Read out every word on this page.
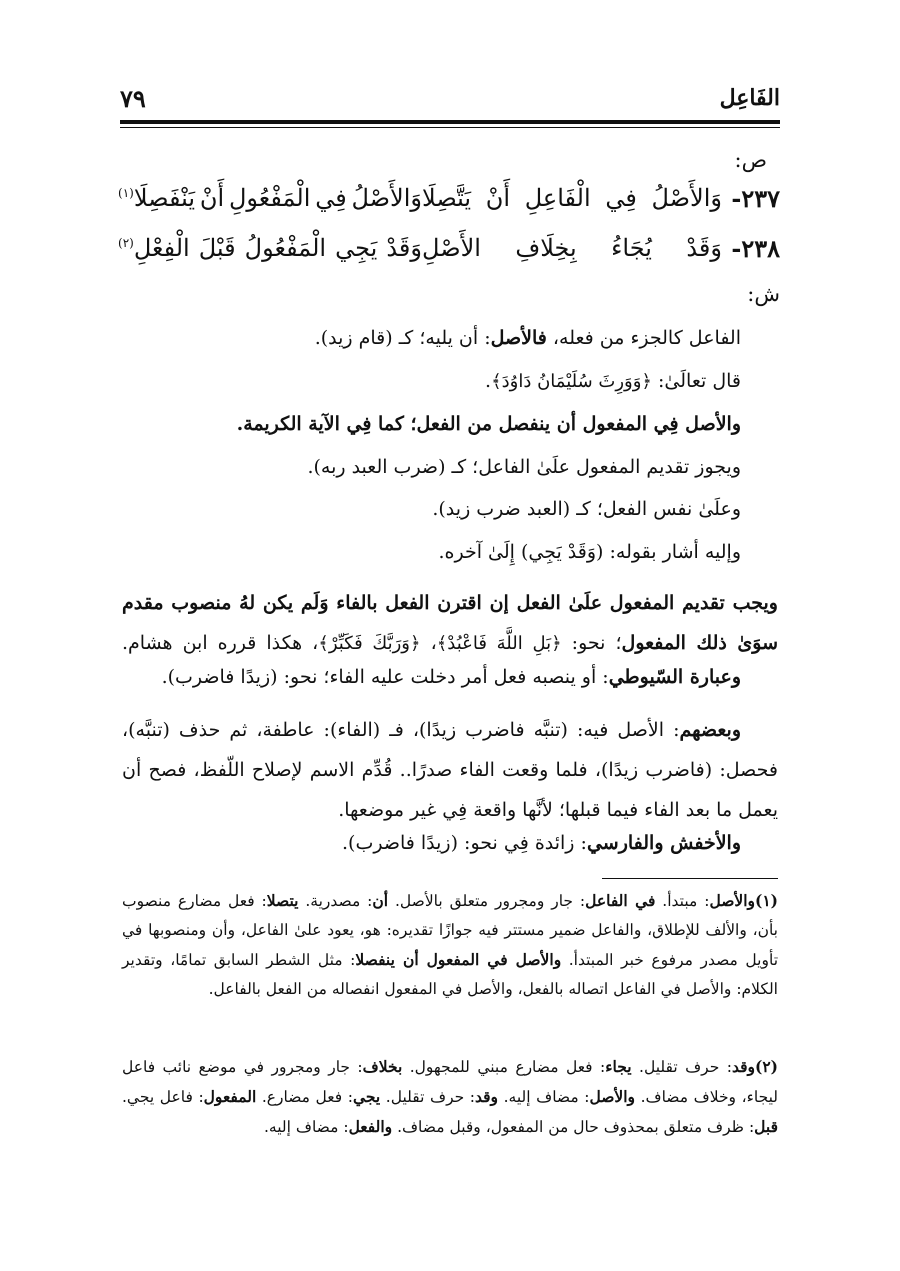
الفَاعِل
٧٩
ص:
٢٣٧-
وَالأَصْلُ
فِي
الْفَاعِلِ
أَنْ
يَتَّصِلَا
وَالأَصْلُ
فِي
الْمَفْعُولِ
أَنْ
يَنْفَصِلَا$^{(١)}$
٢٣٨-
وَقَدْ
يُجَاءُ
بِخِلَافِ
الأَصْلِ
وَقَدْ
يَجِي
الْمَفْعُولُ
قَبْلَ
الْفِعْلِ$^{(٢)}$
ش:
الفاعل كالجزء من فعله، فالأصل: أن يليه؛ كـ (قام زيد).
قال تعالَىٰ: ﴿وَوَرِثَ سُلَيْمَانُ دَاوُدَ﴾.
والأصل فِي المفعول أن ينفصل من الفعل؛ كما فِي الآية الكريمة.
ويجوز تقديم المفعول علَىٰ الفاعل؛ كـ (ضرب العبد ربه).
وعلَىٰ نفس الفعل؛ كـ (العبد ضرب زيد).
وإليه أشار بقوله: (وَقَدْ يَجِي) إِلَىٰ آخره.
ويجب تقديم المفعول علَىٰ الفعل إن اقترن الفعل بالفاء وَلَم يكن لهُ منصوب مقدم سوَىٰ ذلك المفعول؛ نحو: ﴿بَلِ اللَّهَ فَاعْبُدْ﴾، ﴿وَرَبَّكَ فَكَبِّرْ﴾، هكذا قرره ابن هشام.
وعبارة السّيوطي: أو ينصبه فعل أمر دخلت عليه الفاء؛ نحو: (زيدًا فاضرب).
وبعضهم: الأصل فيه: (تنبَّه فاضرب زيدًا)، فـ (الفاء): عاطفة، ثم حذف (تنبَّه)، فحصل: (فاضرب زيدًا)، فلما وقعت الفاء صدرًا.. قُدِّم الاسم لإصلاح اللّفظ، فصح أن يعمل ما بعد الفاء فيما قبلها؛ لأنَّها واقعة فِي غير موضعها.
والأخفش والفارسي: زائدة فِي نحو: (زيدًا فاضرب).
(١)والأصل: مبتدأ. في الفاعل: جار ومجرور متعلق بالأصل. أن: مصدرية. يتصلا: فعل مضارع منصوب بأن، والألف للإطلاق، والفاعل ضمير مستتر فيه جوازًا تقديره: هو، يعود علىٰ الفاعل، وأن ومنصوبها في تأويل مصدر مرفوع خبر المبتدأ. والأصل في المفعول أن ينفصلا: مثل الشطر السابق تمامًا، وتقدير الكلام: والأصل في الفاعل اتصاله بالفعل، والأصل في المفعول انفصاله من الفعل بالفاعل.
(٢)وقد: حرف تقليل. يجاء: فعل مضارع مبني للمجهول. بخلاف: جار ومجرور في موضع نائب فاعل ليجاء، وخلاف مضاف. والأصل: مضاف إليه. وقد: حرف تقليل. يجي: فعل مضارع. المفعول: فاعل يجي. قبل: ظرف متعلق بمحذوف حال من المفعول، وقبل مضاف. والفعل: مضاف إليه.
